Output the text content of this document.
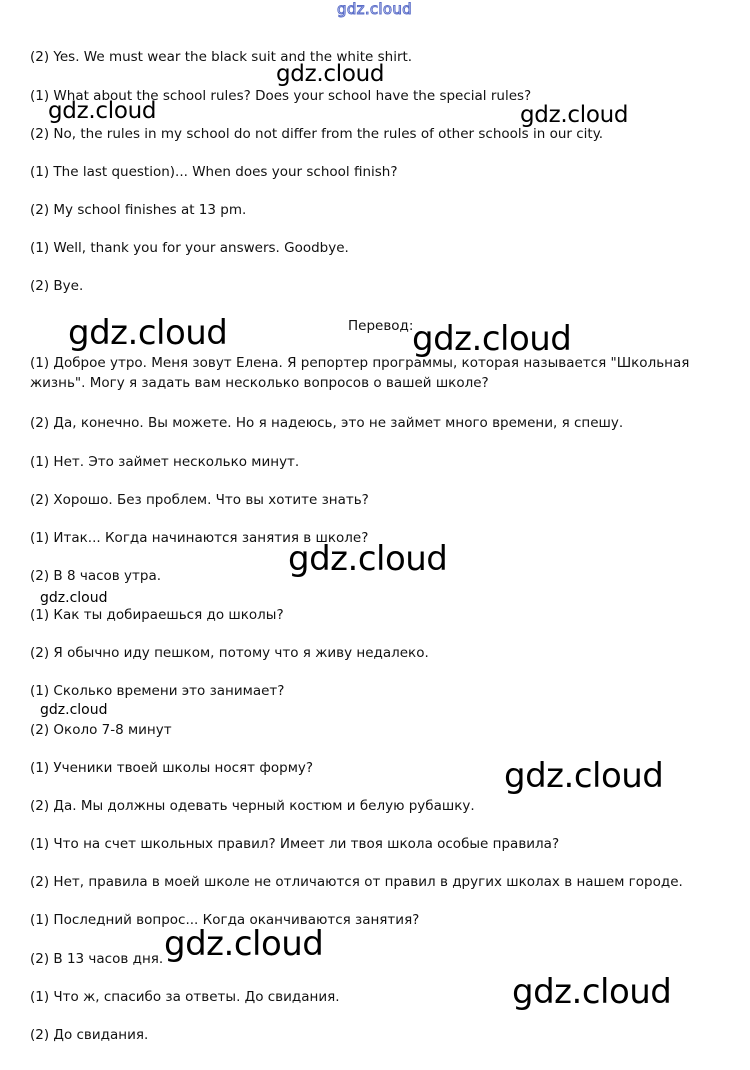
gdz.cloud
(2) Yes. We must wear the black suit and the white shirt.
(1) What about the school rules? Does your school have the special rules?
(2) No, the rules in my school do not differ from the rules of other schools in our city.
(1) The last question)... When does your school finish?
(2) My school finishes at 13 pm.
(1) Well, thank you for your answers. Goodbye.
(2) Bye.
Перевод:
(1) Доброе утро. Меня зовут Елена. Я репортер программы, которая называется "Школьная жизнь". Могу я задать вам несколько вопросов о вашей школе?
(2) Да, конечно. Вы можете. Но я надеюсь, это не займет много времени, я спешу.
(1) Нет. Это займет несколько минут.
(2) Хорошо. Без проблем. Что вы хотите знать?
(1) Итак... Когда начинаются занятия в школе?
(2) В 8 часов утра.
(1) Как ты добираешься до школы?
(2) Я обычно иду пешком, потому что я живу недалеко.
(1) Сколько времени это занимает?
(2) Около 7-8 минут
(1) Ученики твоей школы носят форму?
(2) Да. Мы должны одевать черный костюм и белую рубашку.
(1) Что на счет школьных правил? Имеет ли твоя школа особые правила?
(2) Нет, правила в моей школе не отличаются от правил в других школах в нашем городе.
(1) Последний вопрос... Когда оканчиваются занятия?
(2) В 13 часов дня.
(1) Что ж, спасибо за ответы. До свидания.
(2) До свидания.
gdz.cloud
gdz.cloud	gdz.cloud
gdz.cloud	gdz.cloud
gdz.cloud
gdz.cloud
gdz.cloud
gdz.cloud
gdz.cloud
gdz.cloud
